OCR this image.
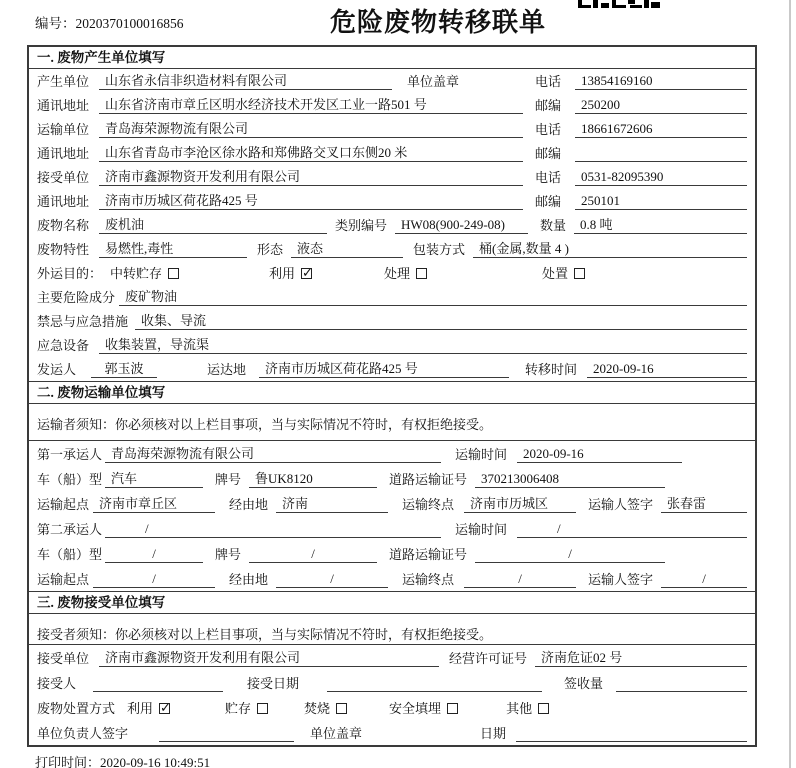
编号：2020370100016856	危险废物转移联单
一. 废物产生单位填写
产生单位	山东省永信非织造材料有限公司	单位盖章	电话	13854169160
通讯地址	山东省济南市章丘区明水经济技术开发区工业一路501 号	邮编	250200
运输单位	青岛海荣源物流有限公司	电话	18661672606
通讯地址	山东省青岛市李沧区徐水路和郑佛路交叉口东侧20 米	邮编
接受单位	济南市鑫源物资开发利用有限公司	电话	0531-82095390
通讯地址	济南市历城区荷花路425 号	邮编	250101
废物名称	废机油	类别编号	HW08(900-249-08)	数量	0.8 吨
废物特性	易燃性,毒性	形态	液态	包装方式	桶(金属,数量 4 )
外运目的： 中转贮存	利用 ✓	处理	处置
主要危险成分 废矿物油
禁忌与应急措施 收集、导流
应急设备	收集装置，导流渠
发运人	郭玉波	运达地	济南市历城区荷花路425 号	转移时间	2020-09-16
二. 废物运输单位填写
运输者须知：你必须核对以上栏目事项，当与实际情况不符时，有权拒绝接受。
第一承运人 青岛海荣源物流有限公司	运输时间	2020-09-16
车（船）型 汽车	牌号	鲁UK8120	道路运输证号	370213006408
运输起点 济南市章丘区	经由地	济南	运输终点	济南市历城区	运输人签字	张春雷
第二承运人	/	运输时间	/
车（船）型	/	牌号	/	道路运输证号	/
运输起点	/	经由地	/	运输终点	/	运输人签字	/
三. 废物接受单位填写
接受者须知：你必须核对以上栏目事项，当与实际情况不符时，有权拒绝接受。
接受单位	济南市鑫源物资开发利用有限公司	经营许可证号	济南危证02 号
接受人	接受日期	签收量
废物处置方式 利用 ✓	贮存	焚烧	安全填埋	其他
单位负责人签字	单位盖章	日期
打印时间：2020-09-16 10:49:51
